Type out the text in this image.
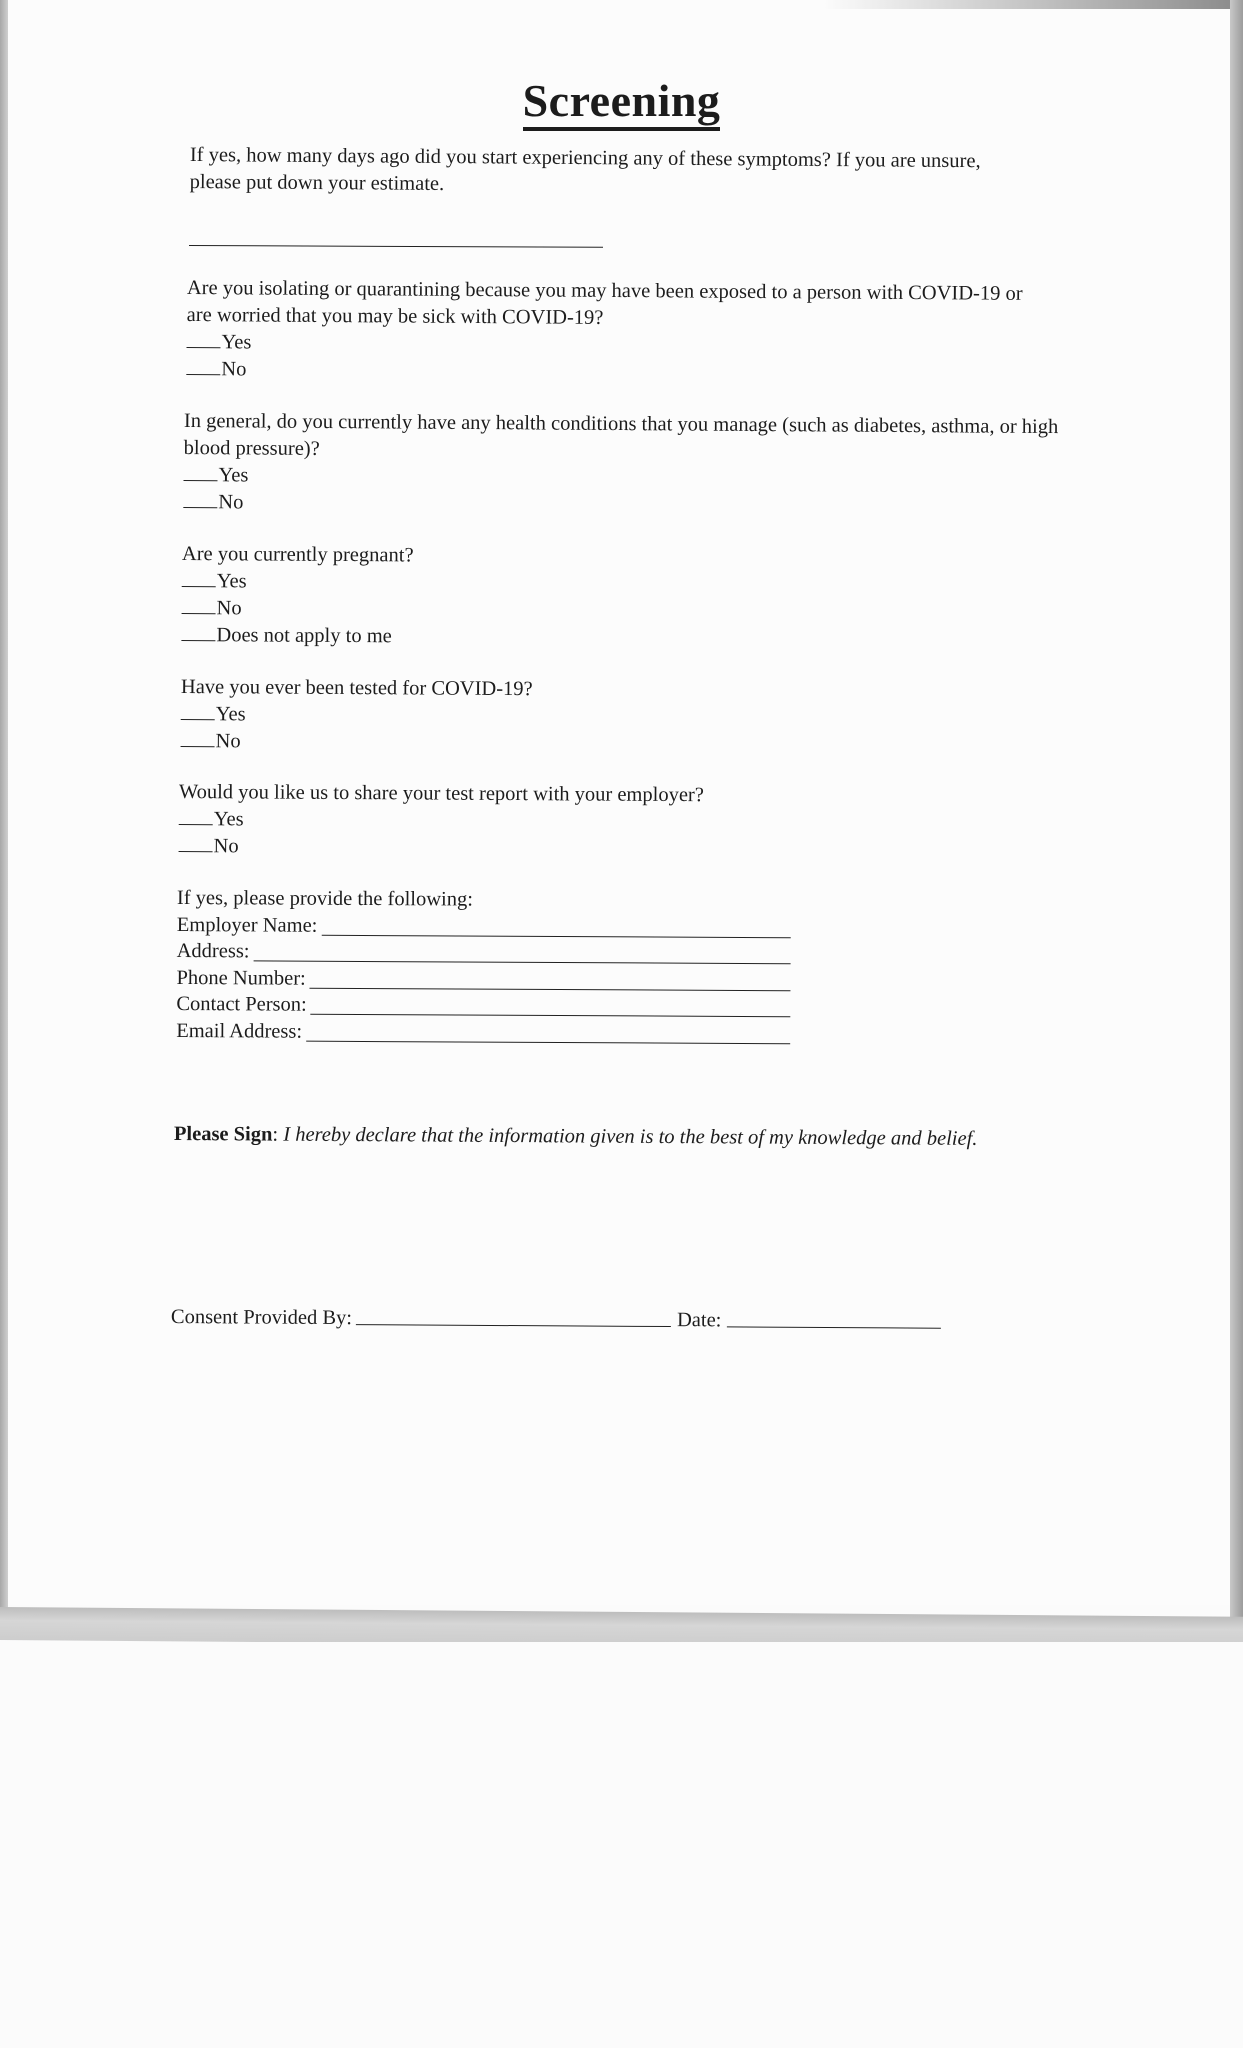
Screening

If yes, how many days ago did you start experiencing any of these symptoms? If you are unsure, please put down your estimate.

Are you isolating or quarantining because you may have been exposed to a person with COVID-19 or are worried that you may be sick with COVID-19?

Yes
No

In general, do you currently have any health conditions that you manage (such as diabetes, asthma, or high blood pressure)?

Yes
No

Are you currently pregnant?

Yes
No
Does not apply to me

Have you ever been tested for COVID-19?

Yes
No

Would you like us to share your test report with your employer?

Yes
No

If yes, please provide the following:

Employer Name:
Address:
Phone Number:
Contact Person:
Email Address:
Please Sign: I hereby declare that the information given is to the best of my knowledge and belief.
Consent Provided By:	Date:
